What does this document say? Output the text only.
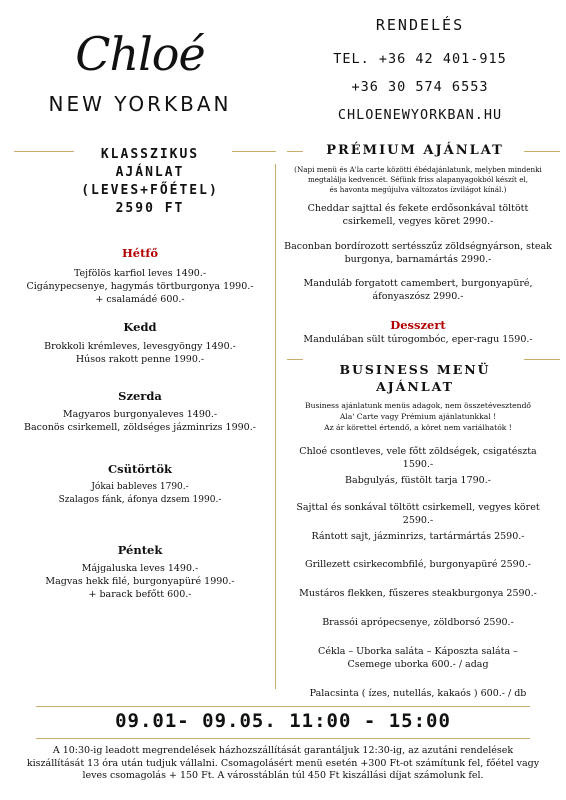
Chloé
NEW YORKBAN
RENDELÉS
TEL. +36 42 401-915
+36 30 574 6553
CHLOENEWYORKBAN.HU
KLASSZIKUS
AJÁNLAT
(LEVES+FŐÉTEL)
2590 FT
Hétfő
Tejfölös karfiol leves 1490.-
Cigánypecsenye, hagymás törtburgonya 1990.-
+ csalamádé 600.-
Kedd
Brokkoli krémleves, levesgyöngy 1490.-
Húsos rakott penne 1990.-
Szerda
Magyaros burgonyaleves 1490.-
Baconös csirkemell, zöldséges jázminrizs 1990.-
Csütörtök
Jókai bableves 1790.-
Szalagos fánk, áfonya dzsem 1990.-
Péntek
Májgaluska leves 1490.-
Magvas hekk filé, burgonyapüré 1990.-
+ barack befőtt 600.-
PRÉMIUM AJÁNLAT
(Napi menü és A'la carte közötti ébédajánlatunk, melyben mindenki
megtalálja kedvencét. Séfünk friss alapanyagokból készít el,
és havonta megújulva változatos ízvilágot kínál.)
Cheddar sajttal és fekete erdősonkával töltött
csirkemell, vegyes köret 2990.-
Baconban bordírozott sertésszűz zöldségnyárson, steak
burgonya, barnamártás 2990.-
Manduláb forgatott camembert, burgonyapüré,
áfonyaszósz 2990.-
Desszert
Mandulában sült túrogombóc, eper-ragu 1590.-
BUSINESS MENÜ
AJÁNLAT
Business ajánlatunk menüs adagok, nem összetévesztendő
Ala' Carte vagy Prémium ajánlatunkkal !
Az ár körettel értendő, a köret nem variálhatók !
Chloé csontleves, vele főtt zöldségek, csigatészta 1590.-
Babgulyás, füstölt tarja 1790.-
Sajttal és sonkával töltött csirkemell, vegyes köret 2590.-
Rántott sajt, jázminrizs, tartármártás 2590.-
Grillezett csirkecombfilé, burgonyapüré 2590.-
Mustáros flekken, fűszeres steakburgonya 2590.-
Brassói aprópecsenye, zöldborsó 2590.-
Cékla – Uborka saláta – Káposzta saláta –
Csemege uborka 600.- / adag
Palacsinta ( ízes, nutellás, kakaós ) 600.- / db
09.01- 09.05. 11:00 - 15:00
A 10:30-ig leadott megrendelések házhozszállítását garantáljuk 12:30-ig, az azutáni rendelések
kiszállítását 13 óra után tudjuk vállalni. Csomagolásért menü esetén +300 Ft-ot számítunk fel, főétel vagy
leves csomagolás + 150 Ft. A városstáblán túl 450 Ft kiszállási díjat számolunk fel.
